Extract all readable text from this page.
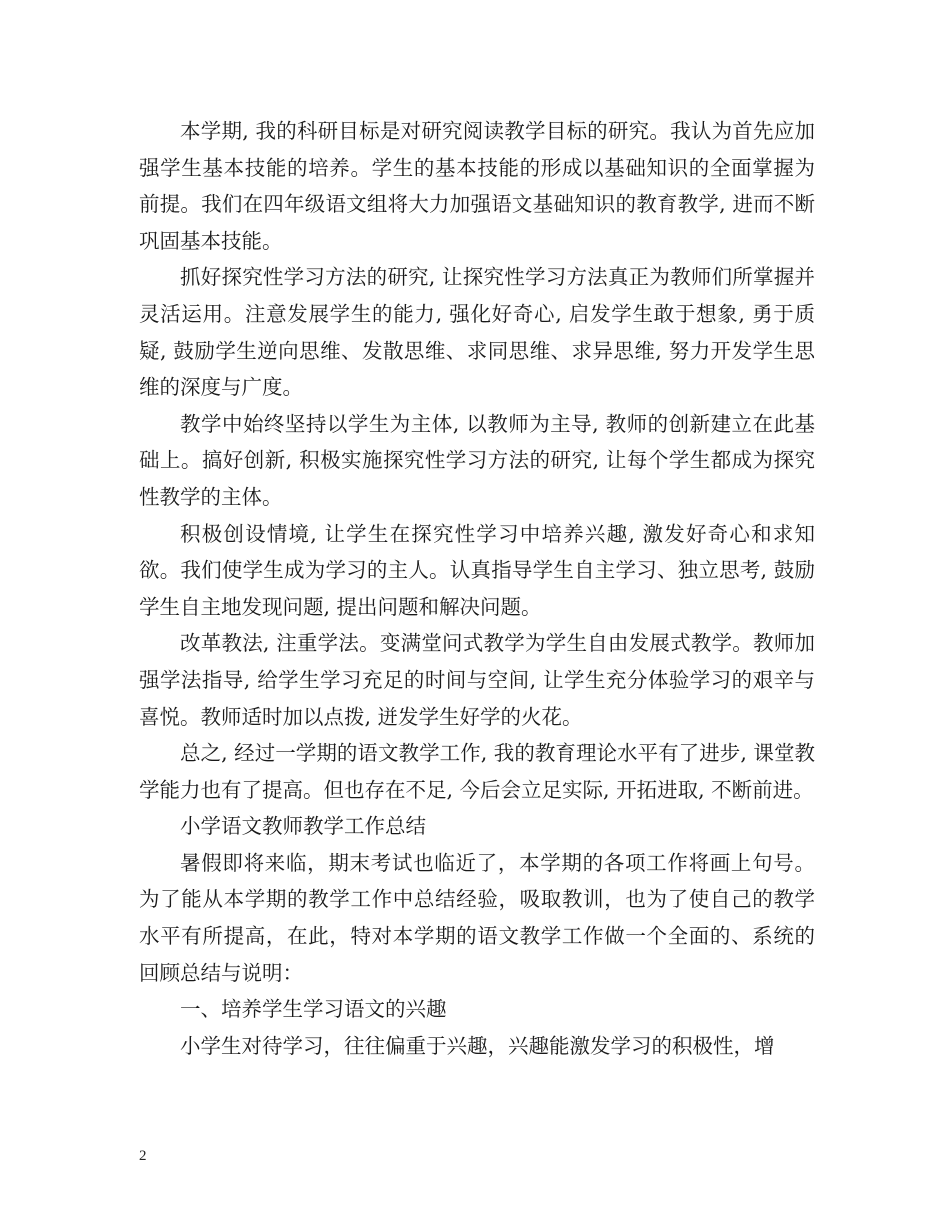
本学期, 我的科研目标是对研究阅读教学目标的研究。我认为首先应加强学生基本技能的培养。学生的基本技能的形成以基础知识的全面掌握为前提。我们在四年级语文组将大力加强语文基础知识的教育教学, 进而不断巩固基本技能。

抓好探究性学习方法的研究, 让探究性学习方法真正为教师们所掌握并灵活运用。注意发展学生的能力, 强化好奇心, 启发学生敢于想象, 勇于质疑, 鼓励学生逆向思维、发散思维、求同思维、求异思维, 努力开发学生思维的深度与广度。

教学中始终坚持以学生为主体, 以教师为主导, 教师的创新建立在此基础上。搞好创新, 积极实施探究性学习方法的研究, 让每个学生都成为探究性教学的主体。

积极创设情境, 让学生在探究性学习中培养兴趣, 激发好奇心和求知欲。我们使学生成为学习的主人。认真指导学生自主学习、独立思考, 鼓励学生自主地发现问题, 提出问题和解决问题。

改革教法, 注重学法。变满堂问式教学为学生自由发展式教学。教师加强学法指导, 给学生学习充足的时间与空间, 让学生充分体验学习的艰辛与喜悦。教师适时加以点拨, 迸发学生好学的火花。

总之, 经过一学期的语文教学工作, 我的教育理论水平有了进步, 课堂教学能力也有了提高。但也存在不足, 今后会立足实际, 开拓进取, 不断前进。

小学语文教师教学工作总结

暑假即将来临，期末考试也临近了，本学期的各项工作将画上句号。为了能从本学期的教学工作中总结经验，吸取教训，也为了使自己的教学水平有所提高，在此，特对本学期的语文教学工作做一个全面的、系统的回顾总结与说明：

一、培养学生学习语文的兴趣

小学生对待学习，往往偏重于兴趣，兴趣能激发学习的积极性，增

2
